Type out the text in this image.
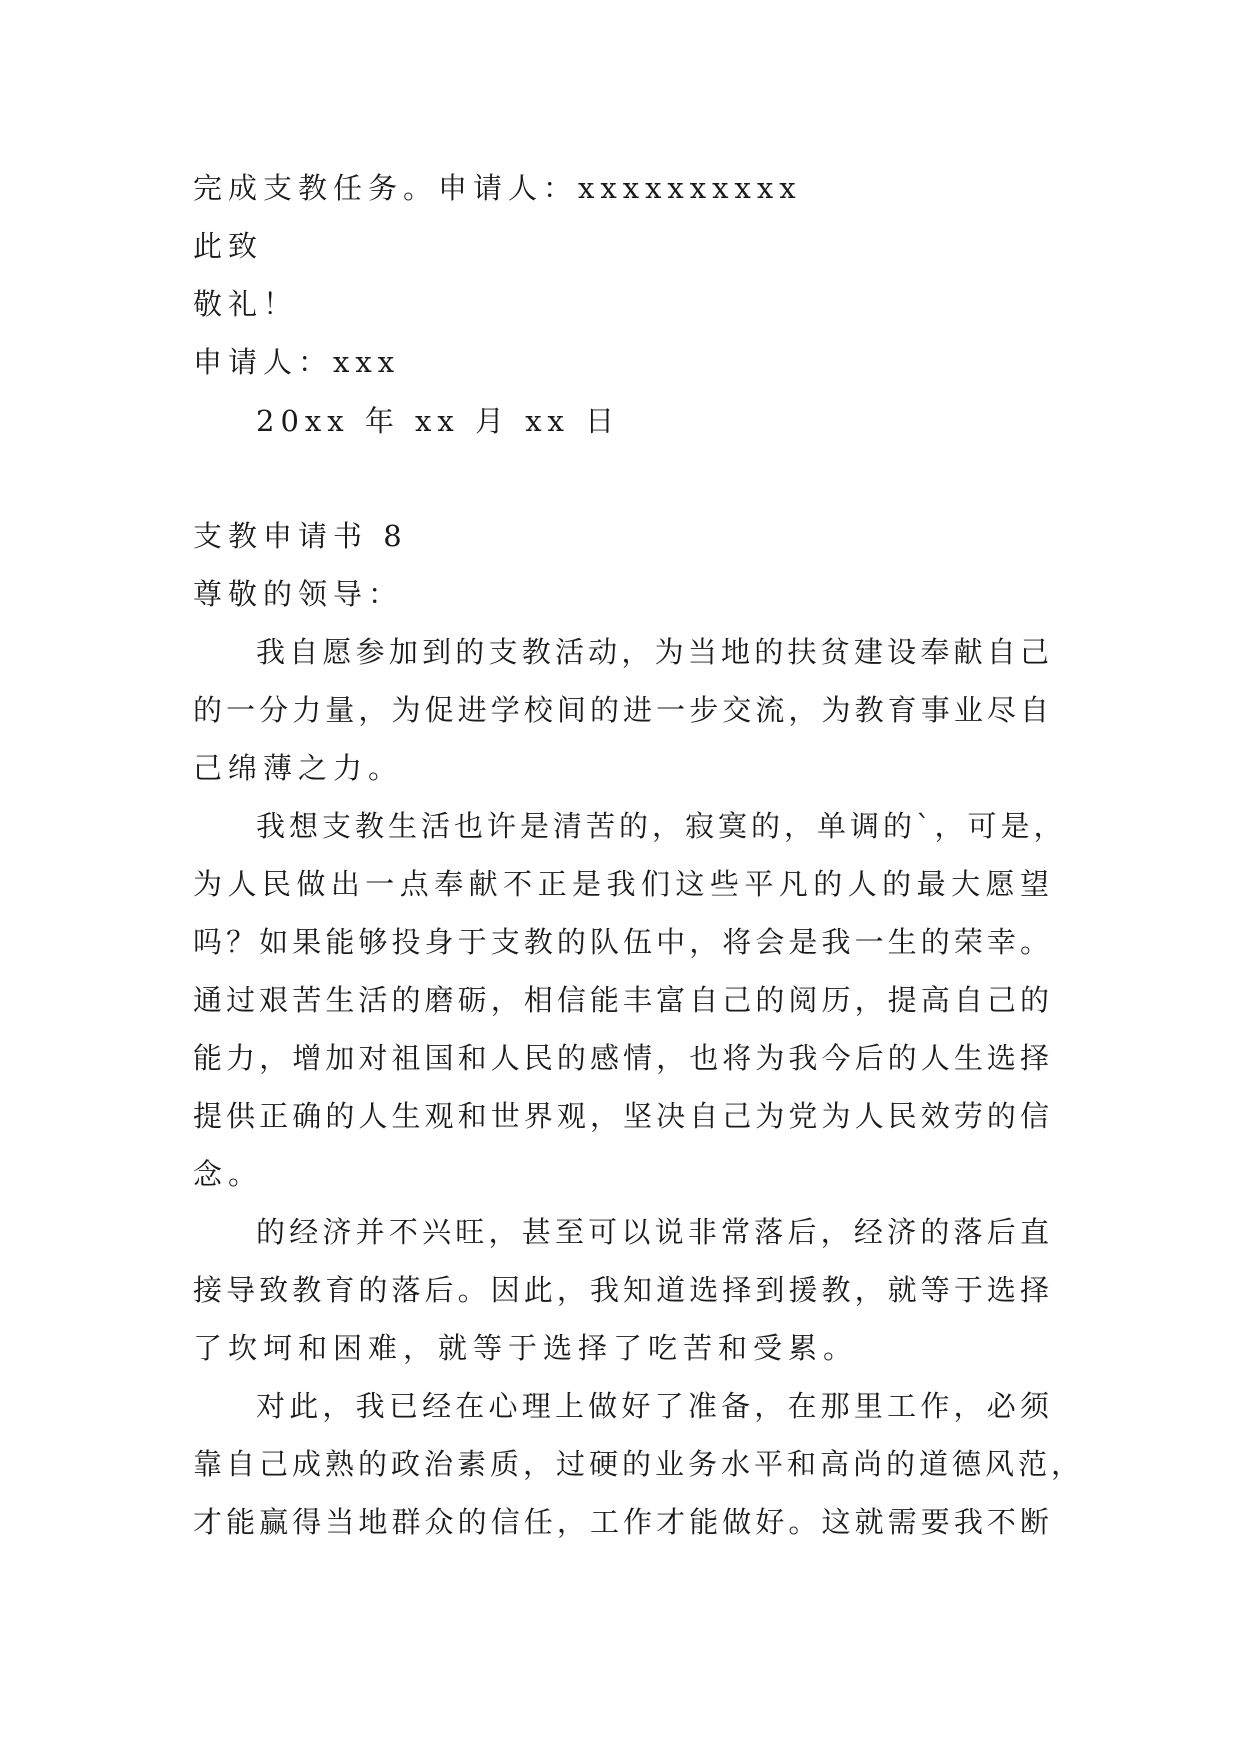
完成支教任务。申请人：xxxxxxxxxx
此致
敬礼！
申请人：xxx
20xx 年 xx 月 xx 日
支教申请书 8
尊敬的领导：
我自愿参加到的支教活动，为当地的扶贫建设奉献自己
的一分力量，为促进学校间的进一步交流，为教育事业尽自
己绵薄之力。
我想支教生活也许是清苦的，寂寞的，单调的`，可是，
为人民做出一点奉献不正是我们这些平凡的人的最大愿望
吗？如果能够投身于支教的队伍中，将会是我一生的荣幸。
通过艰苦生活的磨砺，相信能丰富自己的阅历，提高自己的
能力，增加对祖国和人民的感情，也将为我今后的人生选择
提供正确的人生观和世界观，坚决自己为党为人民效劳的信
念。
的经济并不兴旺，甚至可以说非常落后，经济的落后直
接导致教育的落后。因此，我知道选择到援教，就等于选择
了坎坷和困难，就等于选择了吃苦和受累。
对此，我已经在心理上做好了准备，在那里工作，必须
靠自己成熟的政治素质，过硬的业务水平和高尚的道德风范，
才能赢得当地群众的信任，工作才能做好。这就需要我不断
